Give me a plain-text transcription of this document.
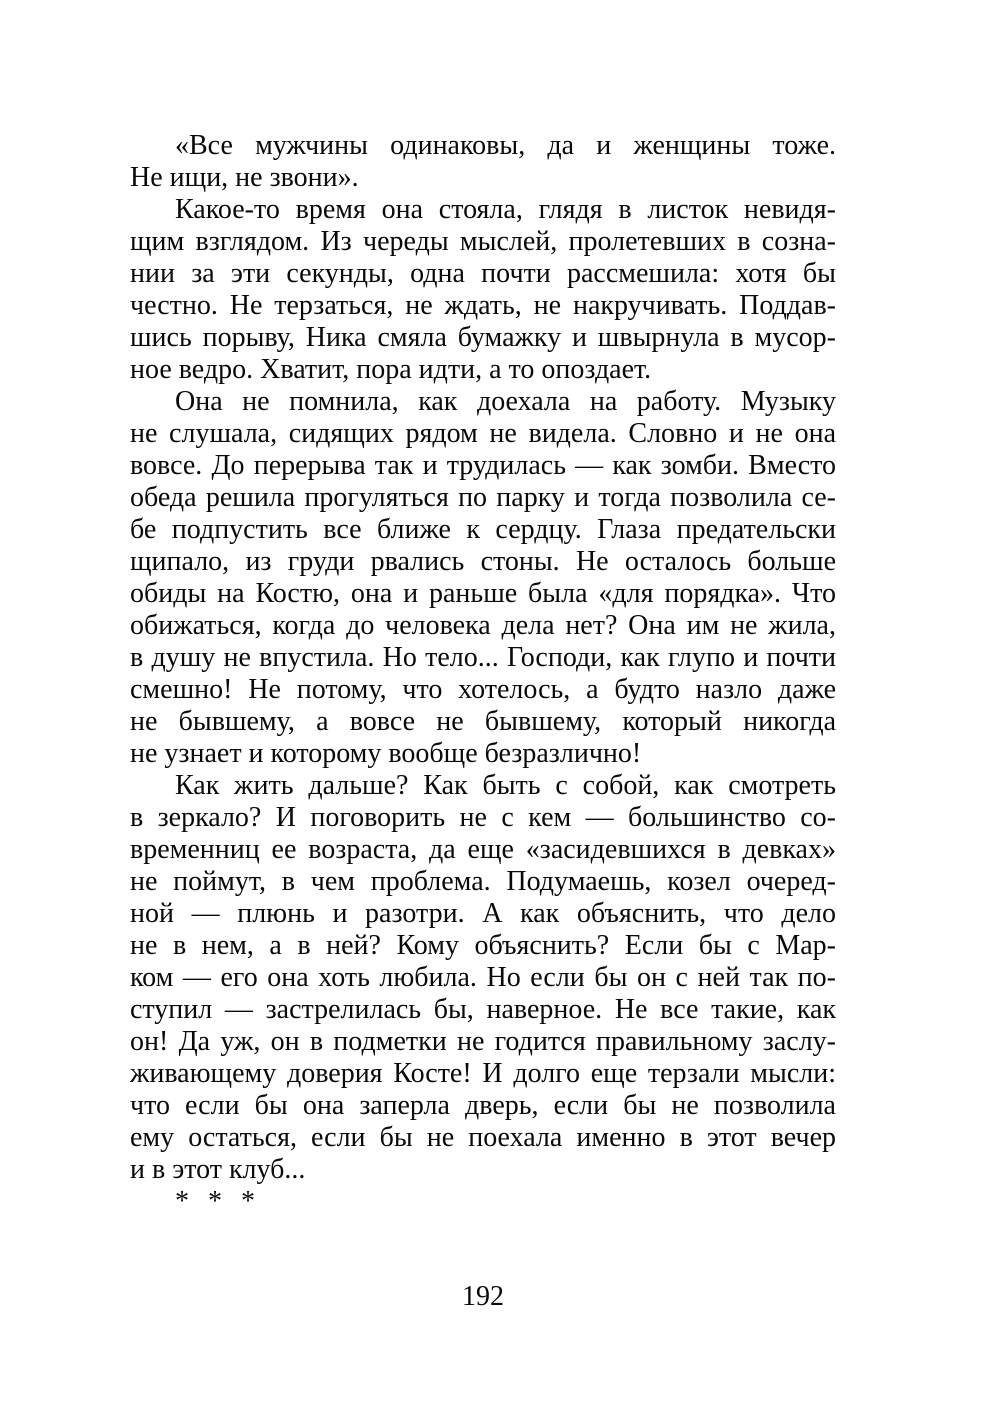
«Все мужчины одинаковы, да и женщины тоже.
Не ищи, не звони».
Какое-то время она стояла, глядя в листок невидя-
щим взглядом. Из череды мыслей, пролетевших в созна-
нии за эти секунды, одна почти рассмешила: хотя бы
честно. Не терзаться, не ждать, не накручивать. Поддав-
шись порыву, Ника смяла бумажку и швырнула в мусор-
ное ведро. Хватит, пора идти, а то опоздает.
Она не помнила, как доехала на работу. Музыку
не слушала, сидящих рядом не видела. Словно и не она
вовсе. До перерыва так и трудилась — как зомби. Вместо
обеда решила прогуляться по парку и тогда позволила се-
бе подпустить все ближе к сердцу. Глаза предательски
щипало, из груди рвались стоны. Не осталось больше
обиды на Костю, она и раньше была «для порядка». Что
обижаться, когда до человека дела нет? Она им не жила,
в душу не впустила. Но тело... Господи, как глупо и почти
смешно! Не потому, что хотелось, а будто назло даже
не бывшему, а вовсе не бывшему, который никогда
не узнает и которому вообще безразлично!
Как жить дальше? Как быть с собой, как смотреть
в зеркало? И поговорить не с кем — большинство со-
временниц ее возраста, да еще «засидевшихся в девках»
не поймут, в чем проблема. Подумаешь, козел очеред-
ной — плюнь и разотри. А как объяснить, что дело
не в нем, а в ней? Кому объяснить? Если бы с Мар-
ком — его она хоть любила. Но если бы он с ней так по-
ступил — застрелилась бы, наверное. Не все такие, как
он! Да уж, он в подметки не годится правильному заслу-
живающему доверия Косте! И долго еще терзали мысли:
что если бы она заперла дверь, если бы не позволила
ему остаться, если бы не поехала именно в этот вечер
и в этот клуб...
* * *
192
